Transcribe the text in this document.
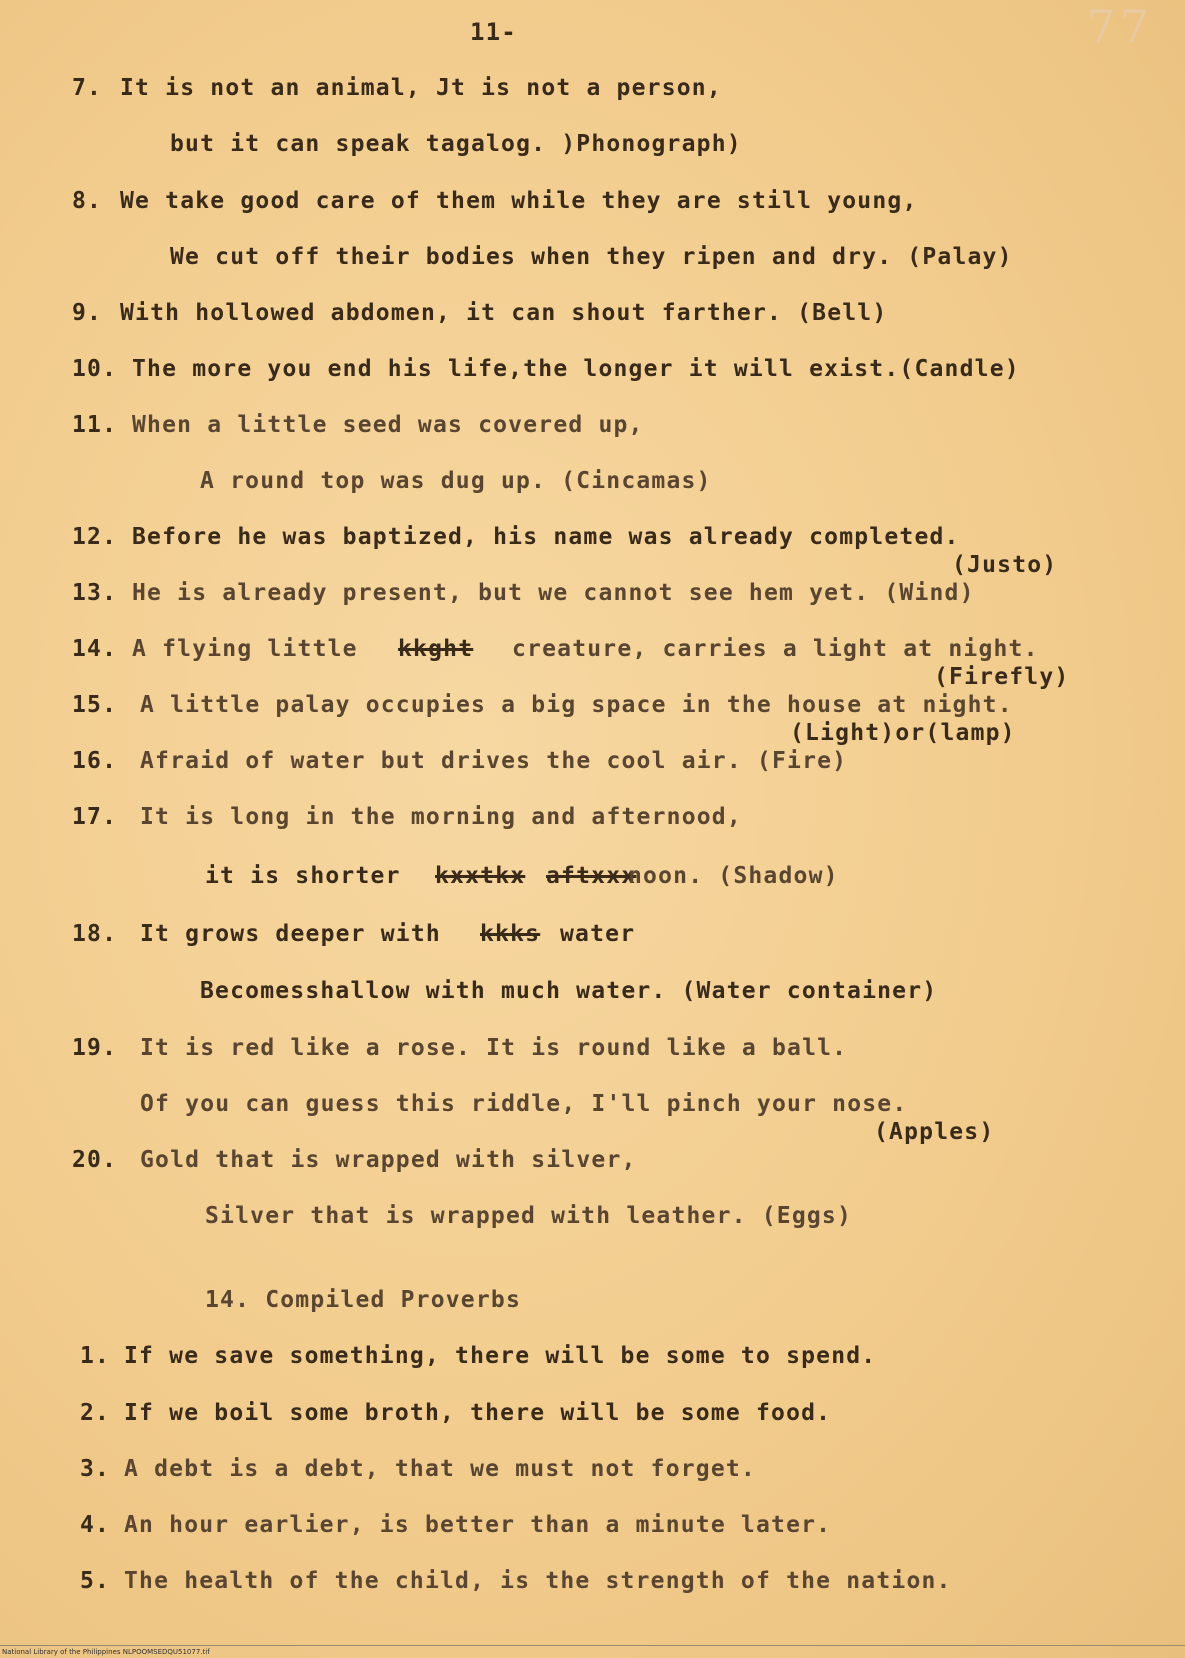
11-	77
7. It is not an animal, Jt is not a person,
but it can speak tagalog. )Phonograph)
8. We take good care of them while they are still young,
We cut off their bodies when they ripen and dry. (Palay)
9. With hollowed abdomen, it can shout farther. (Bell)
10. The more you end his life,the longer it will exist.(Candle)
11. When a little seed was covered up,
A round top was dug up. (Cincamas)
12. Before he was baptized, his name was already completed.
(Justo)
13. He is already present, but we cannot see hem yet. (Wind)
14. A flying little kkght creature, carries a light at night.
(Firefly)
15. A little palay occupies a big space in the house at night.
(Light)or(lamp)
16. Afraid of water but drives the cool air. (Fire)
17. It is long in the morning and afternood,
it is shorter kxxtkx aftxxx
noon. (Shadow)
18. It grows deeper with kkks water
Becomesshallow with much water. (Water container)
19. It is red like a rose. It is round like a ball.
Of you can guess this riddle, I'll pinch your nose.
(Apples)
20. Gold that is wrapped with silver,
Silver that is wrapped with leather. (Eggs)
14. Compiled Proverbs
1. If we save something, there will be some to spend.
2. If we boil some broth, there will be some food.
3. A debt is a debt, that we must not forget.
4. An hour earlier, is better than a minute later.
5. The health of the child, is the strength of the nation.
National Library of the Philippines NLPOOMSEDQU51077.tif
